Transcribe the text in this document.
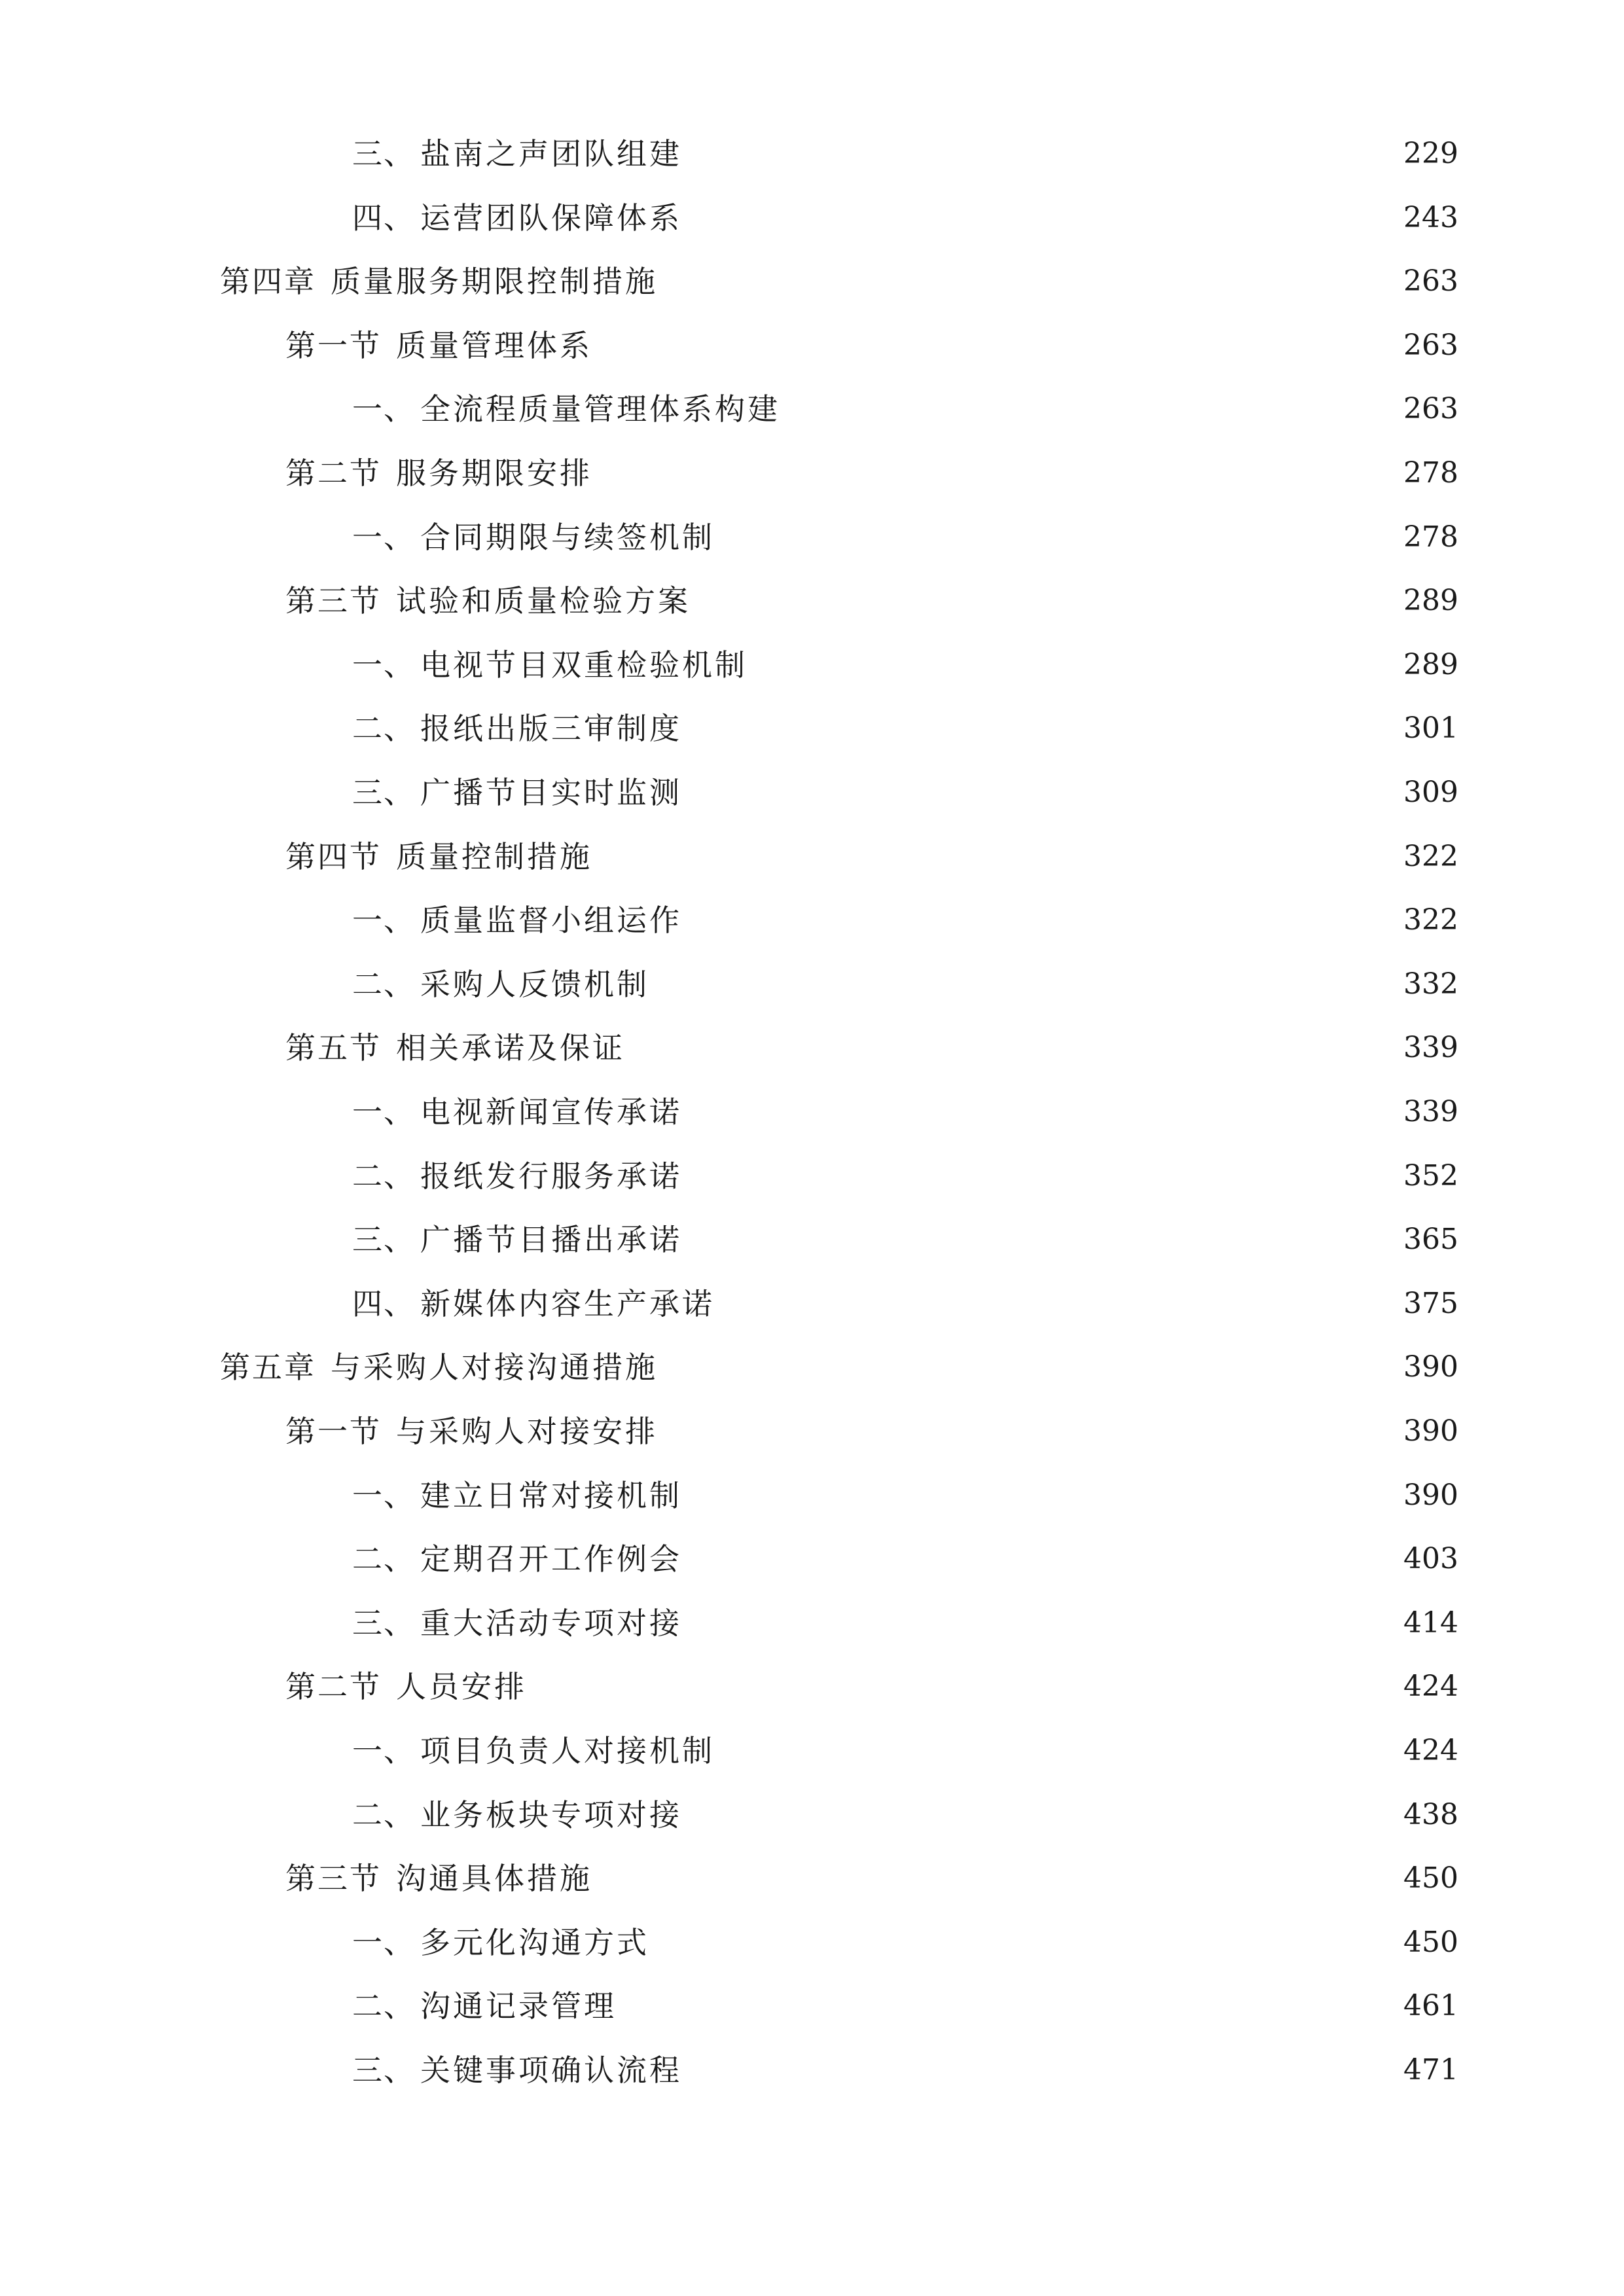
三、 盐南之声团队组建	229
四、 运营团队保障体系	243
第四章 质量服务期限控制措施	263
第一节 质量管理体系	263
一、 全流程质量管理体系构建	263
第二节 服务期限安排	278
一、 合同期限与续签机制	278
第三节 试验和质量检验方案	289
一、 电视节目双重检验机制	289
二、 报纸出版三审制度	301
三、 广播节目实时监测	309
第四节 质量控制措施	322
一、 质量监督小组运作	322
二、 采购人反馈机制	332
第五节 相关承诺及保证	339
一、 电视新闻宣传承诺	339
二、 报纸发行服务承诺	352
三、 广播节目播出承诺	365
四、 新媒体内容生产承诺	375
第五章 与采购人对接沟通措施	390
第一节 与采购人对接安排	390
一、 建立日常对接机制	390
二、 定期召开工作例会	403
三、 重大活动专项对接	414
第二节 人员安排	424
一、 项目负责人对接机制	424
二、 业务板块专项对接	438
第三节 沟通具体措施	450
一、 多元化沟通方式	450
二、 沟通记录管理	461
三、 关键事项确认流程	471
